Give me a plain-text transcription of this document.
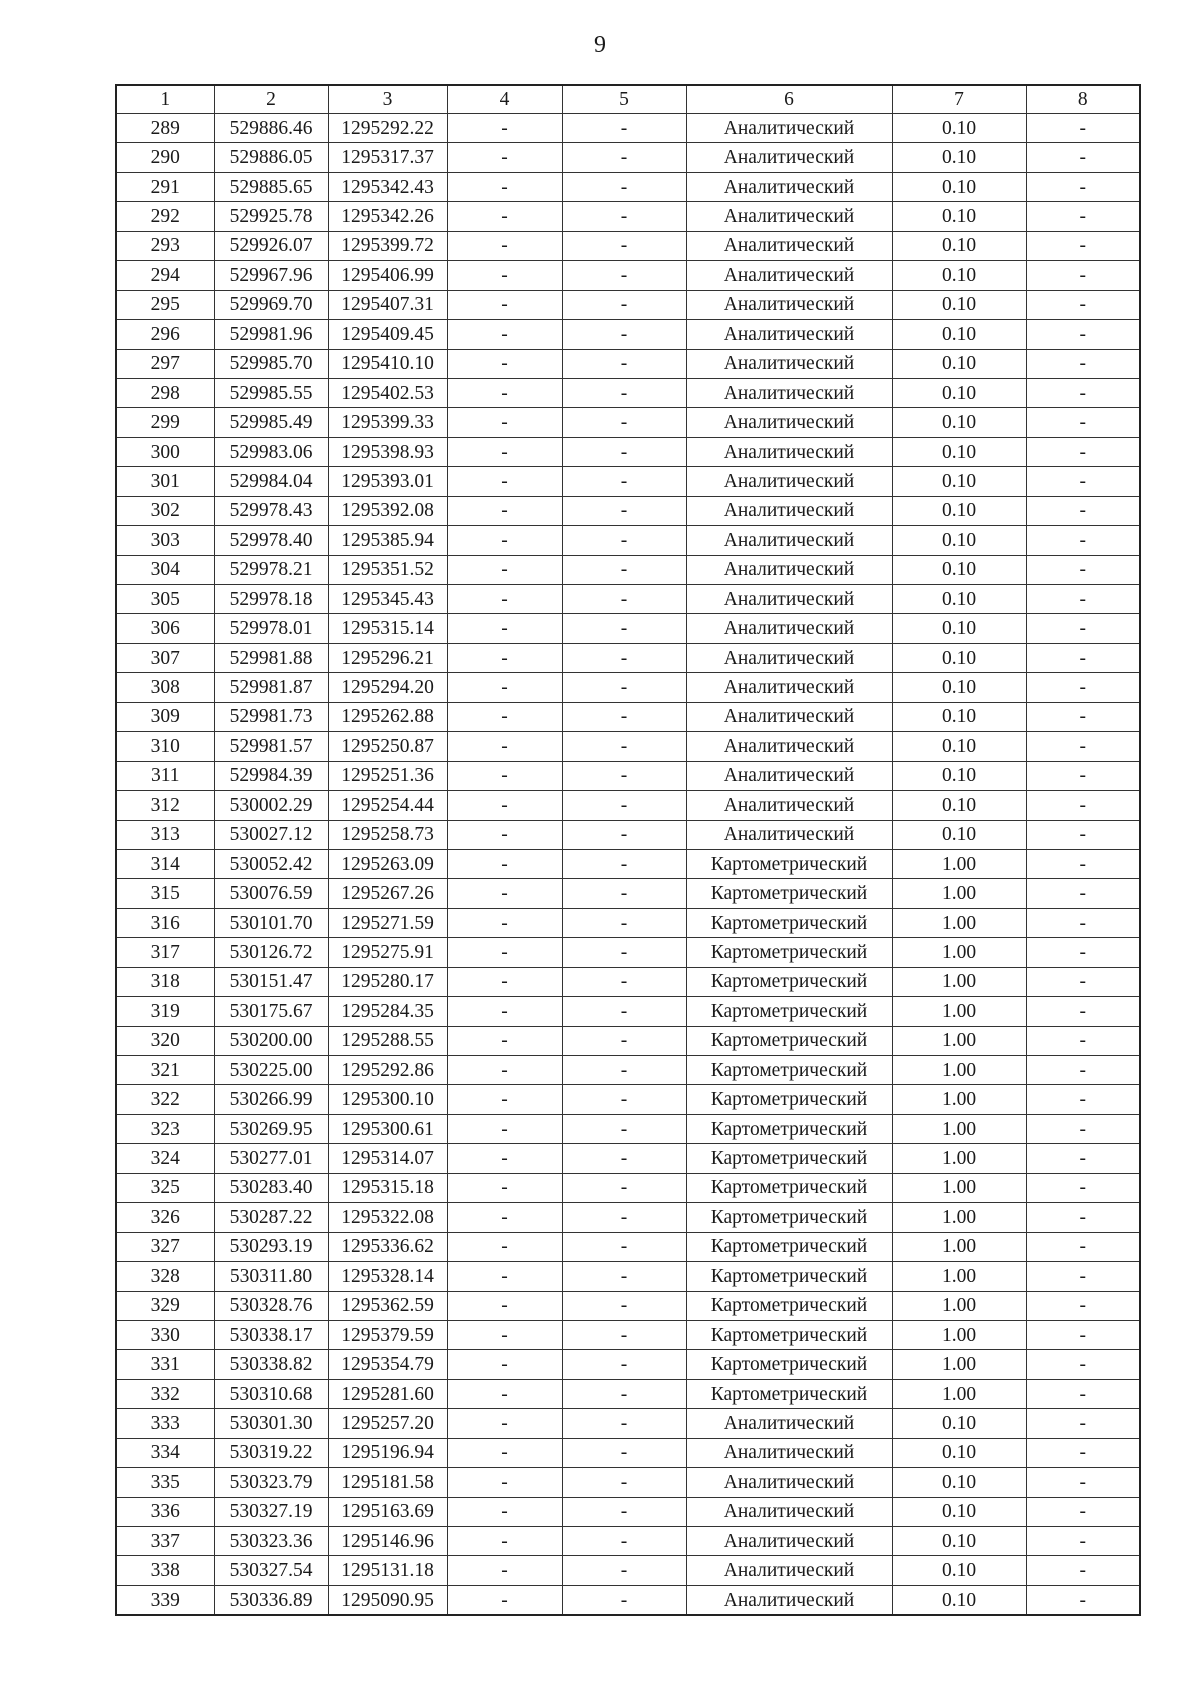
9
1	2	3	4	5	6	7	8
289	529886.46	1295292.22	-	-	Аналитический	0.10	-
290	529886.05	1295317.37	-	-	Аналитический	0.10	-
291	529885.65	1295342.43	-	-	Аналитический	0.10	-
292	529925.78	1295342.26	-	-	Аналитический	0.10	-
293	529926.07	1295399.72	-	-	Аналитический	0.10	-
294	529967.96	1295406.99	-	-	Аналитический	0.10	-
295	529969.70	1295407.31	-	-	Аналитический	0.10	-
296	529981.96	1295409.45	-	-	Аналитический	0.10	-
297	529985.70	1295410.10	-	-	Аналитический	0.10	-
298	529985.55	1295402.53	-	-	Аналитический	0.10	-
299	529985.49	1295399.33	-	-	Аналитический	0.10	-
300	529983.06	1295398.93	-	-	Аналитический	0.10	-
301	529984.04	1295393.01	-	-	Аналитический	0.10	-
302	529978.43	1295392.08	-	-	Аналитический	0.10	-
303	529978.40	1295385.94	-	-	Аналитический	0.10	-
304	529978.21	1295351.52	-	-	Аналитический	0.10	-
305	529978.18	1295345.43	-	-	Аналитический	0.10	-
306	529978.01	1295315.14	-	-	Аналитический	0.10	-
307	529981.88	1295296.21	-	-	Аналитический	0.10	-
308	529981.87	1295294.20	-	-	Аналитический	0.10	-
309	529981.73	1295262.88	-	-	Аналитический	0.10	-
310	529981.57	1295250.87	-	-	Аналитический	0.10	-
311	529984.39	1295251.36	-	-	Аналитический	0.10	-
312	530002.29	1295254.44	-	-	Аналитический	0.10	-
313	530027.12	1295258.73	-	-	Аналитический	0.10	-
314	530052.42	1295263.09	-	-	Картометрический	1.00	-
315	530076.59	1295267.26	-	-	Картометрический	1.00	-
316	530101.70	1295271.59	-	-	Картометрический	1.00	-
317	530126.72	1295275.91	-	-	Картометрический	1.00	-
318	530151.47	1295280.17	-	-	Картометрический	1.00	-
319	530175.67	1295284.35	-	-	Картометрический	1.00	-
320	530200.00	1295288.55	-	-	Картометрический	1.00	-
321	530225.00	1295292.86	-	-	Картометрический	1.00	-
322	530266.99	1295300.10	-	-	Картометрический	1.00	-
323	530269.95	1295300.61	-	-	Картометрический	1.00	-
324	530277.01	1295314.07	-	-	Картометрический	1.00	-
325	530283.40	1295315.18	-	-	Картометрический	1.00	-
326	530287.22	1295322.08	-	-	Картометрический	1.00	-
327	530293.19	1295336.62	-	-	Картометрический	1.00	-
328	530311.80	1295328.14	-	-	Картометрический	1.00	-
329	530328.76	1295362.59	-	-	Картометрический	1.00	-
330	530338.17	1295379.59	-	-	Картометрический	1.00	-
331	530338.82	1295354.79	-	-	Картометрический	1.00	-
332	530310.68	1295281.60	-	-	Картометрический	1.00	-
333	530301.30	1295257.20	-	-	Аналитический	0.10	-
334	530319.22	1295196.94	-	-	Аналитический	0.10	-
335	530323.79	1295181.58	-	-	Аналитический	0.10	-
336	530327.19	1295163.69	-	-	Аналитический	0.10	-
337	530323.36	1295146.96	-	-	Аналитический	0.10	-
338	530327.54	1295131.18	-	-	Аналитический	0.10	-
339	530336.89	1295090.95	-	-	Аналитический	0.10	-
